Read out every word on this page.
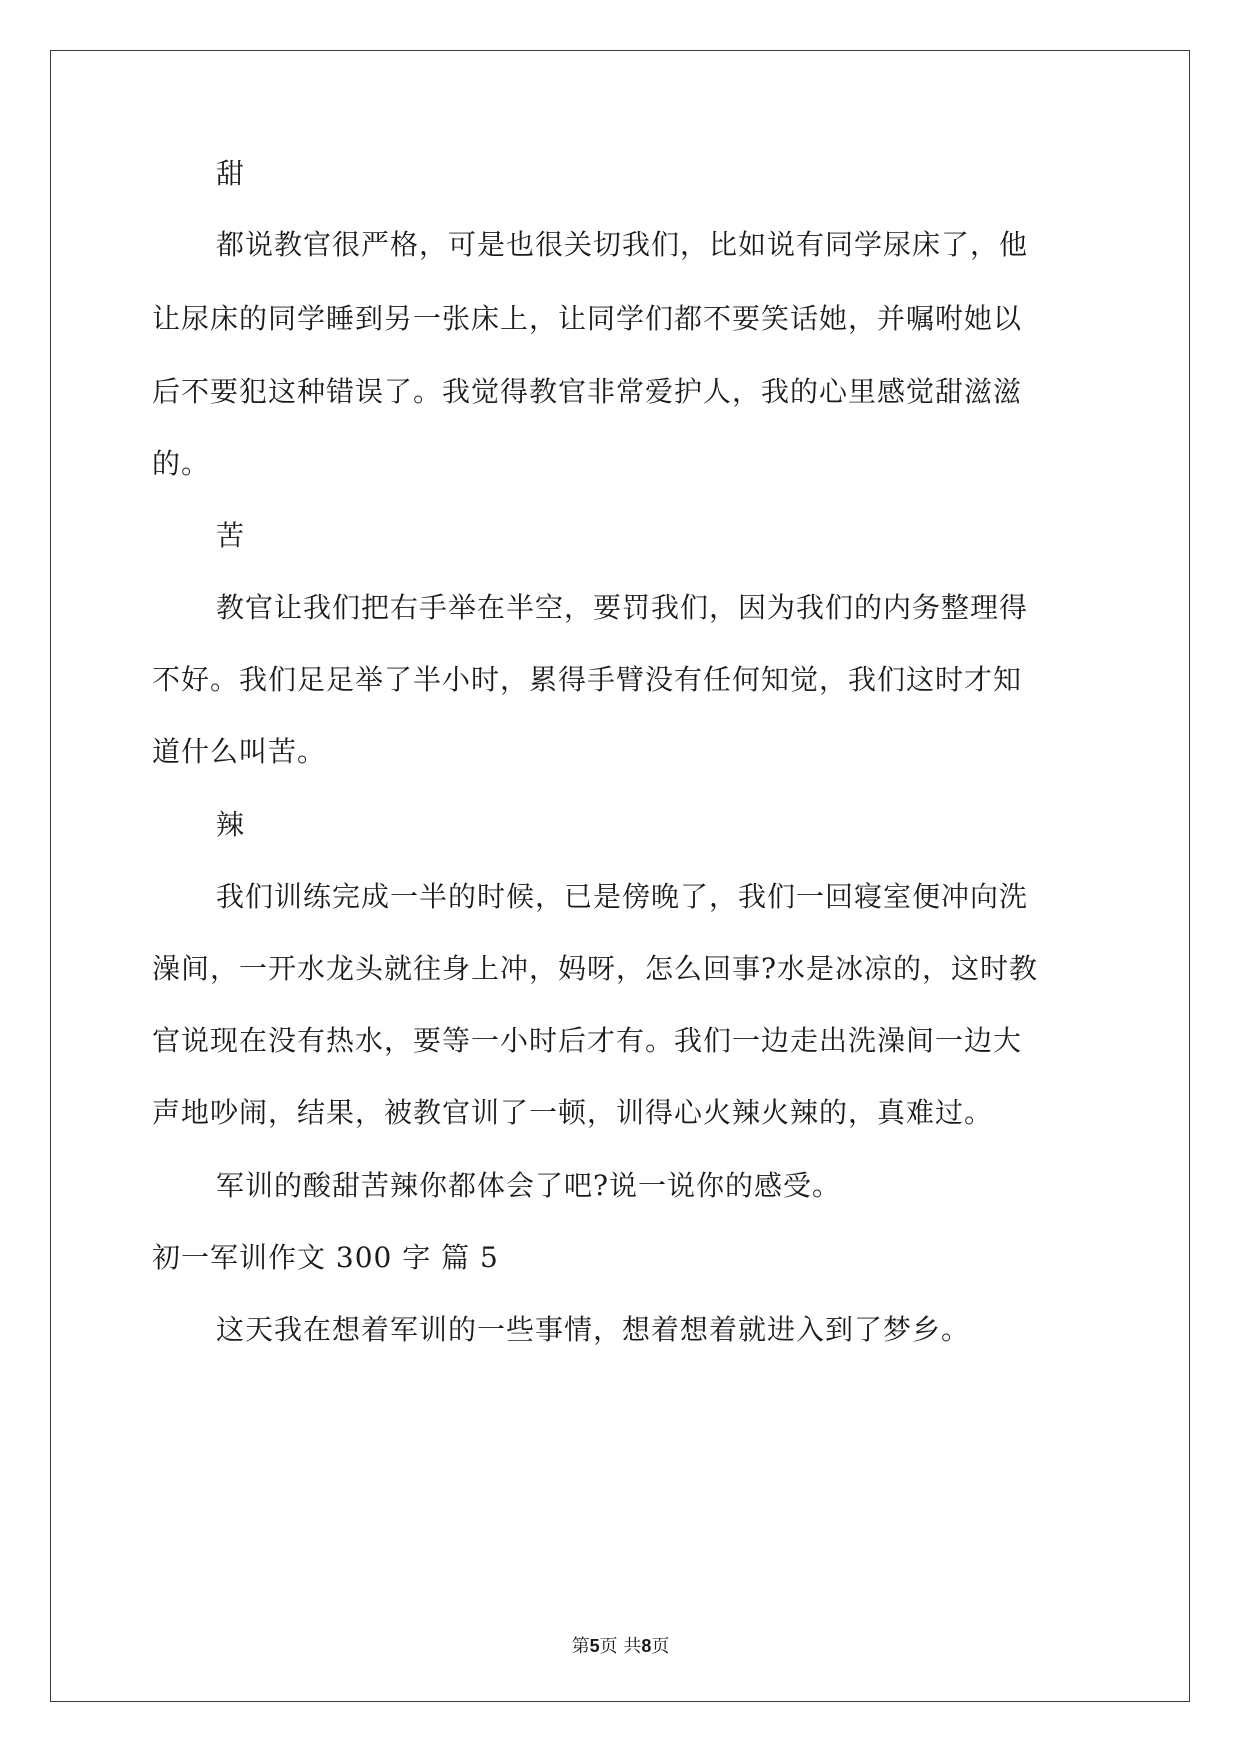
甜
都说教官很严格，可是也很关切我们，比如说有同学尿床了，他
让尿床的同学睡到另一张床上，让同学们都不要笑话她，并嘱咐她以
后不要犯这种错误了。我觉得教官非常爱护人，我的心里感觉甜滋滋
的。
苦
教官让我们把右手举在半空，要罚我们，因为我们的内务整理得
不好。我们足足举了半小时，累得手臂没有任何知觉，我们这时才知
道什么叫苦。
辣
我们训练完成一半的时候，已是傍晚了，我们一回寝室便冲向洗
澡间，一开水龙头就往身上冲，妈呀，怎么回事?水是冰凉的，这时教
官说现在没有热水，要等一小时后才有。我们一边走出洗澡间一边大
声地吵闹，结果，被教官训了一顿，训得心火辣火辣的，真难过。
军训的酸甜苦辣你都体会了吧?说一说你的感受。
初一军训作文 300 字 篇 5
这天我在想着军训的一些事情，想着想着就进入到了梦乡。
第5页 共8页
